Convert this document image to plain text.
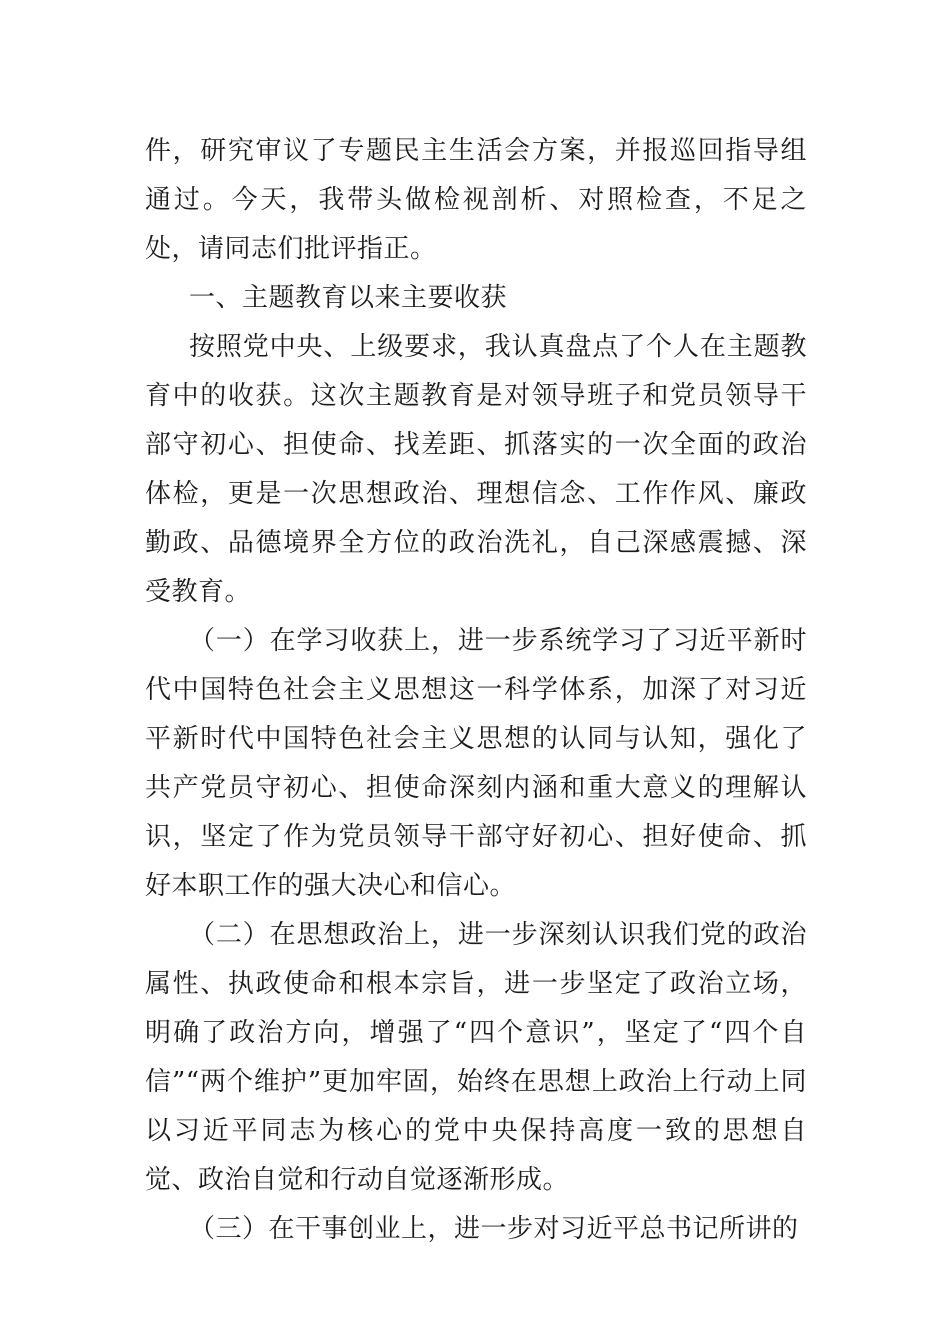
件，研究审议了专题民主生活会方案，并报巡回指导组通过。今天，我带头做检视剖析、对照检查，不足之处，请同志们批评指正。

一、主题教育以来主要收获

按照党中央、上级要求，我认真盘点了个人在主题教育中的收获。这次主题教育是对领导班子和党员领导干部守初心、担使命、找差距、抓落实的一次全面的政治体检，更是一次思想政治、理想信念、工作作风、廉政勤政、品德境界全方位的政治洗礼，自己深感震撼、深受教育。

（一）在学习收获上，进一步系统学习了习近平新时代中国特色社会主义思想这一科学体系，加深了对习近平新时代中国特色社会主义思想的认同与认知，强化了共产党员守初心、担使命深刻内涵和重大意义的理解认识，坚定了作为党员领导干部守好初心、担好使命、抓好本职工作的强大决心和信心。

（二）在思想政治上，进一步深刻认识我们党的政治属性、执政使命和根本宗旨，进一步坚定了政治立场，明确了政治方向，增强了“四个意识”，坚定了“四个自信”“两个维护”更加牢固，始终在思想上政治上行动上同以习近平同志为核心的党中央保持高度一致的思想自觉、政治自觉和行动自觉逐渐形成。

（三）在干事创业上，进一步对习近平总书记所讲的
